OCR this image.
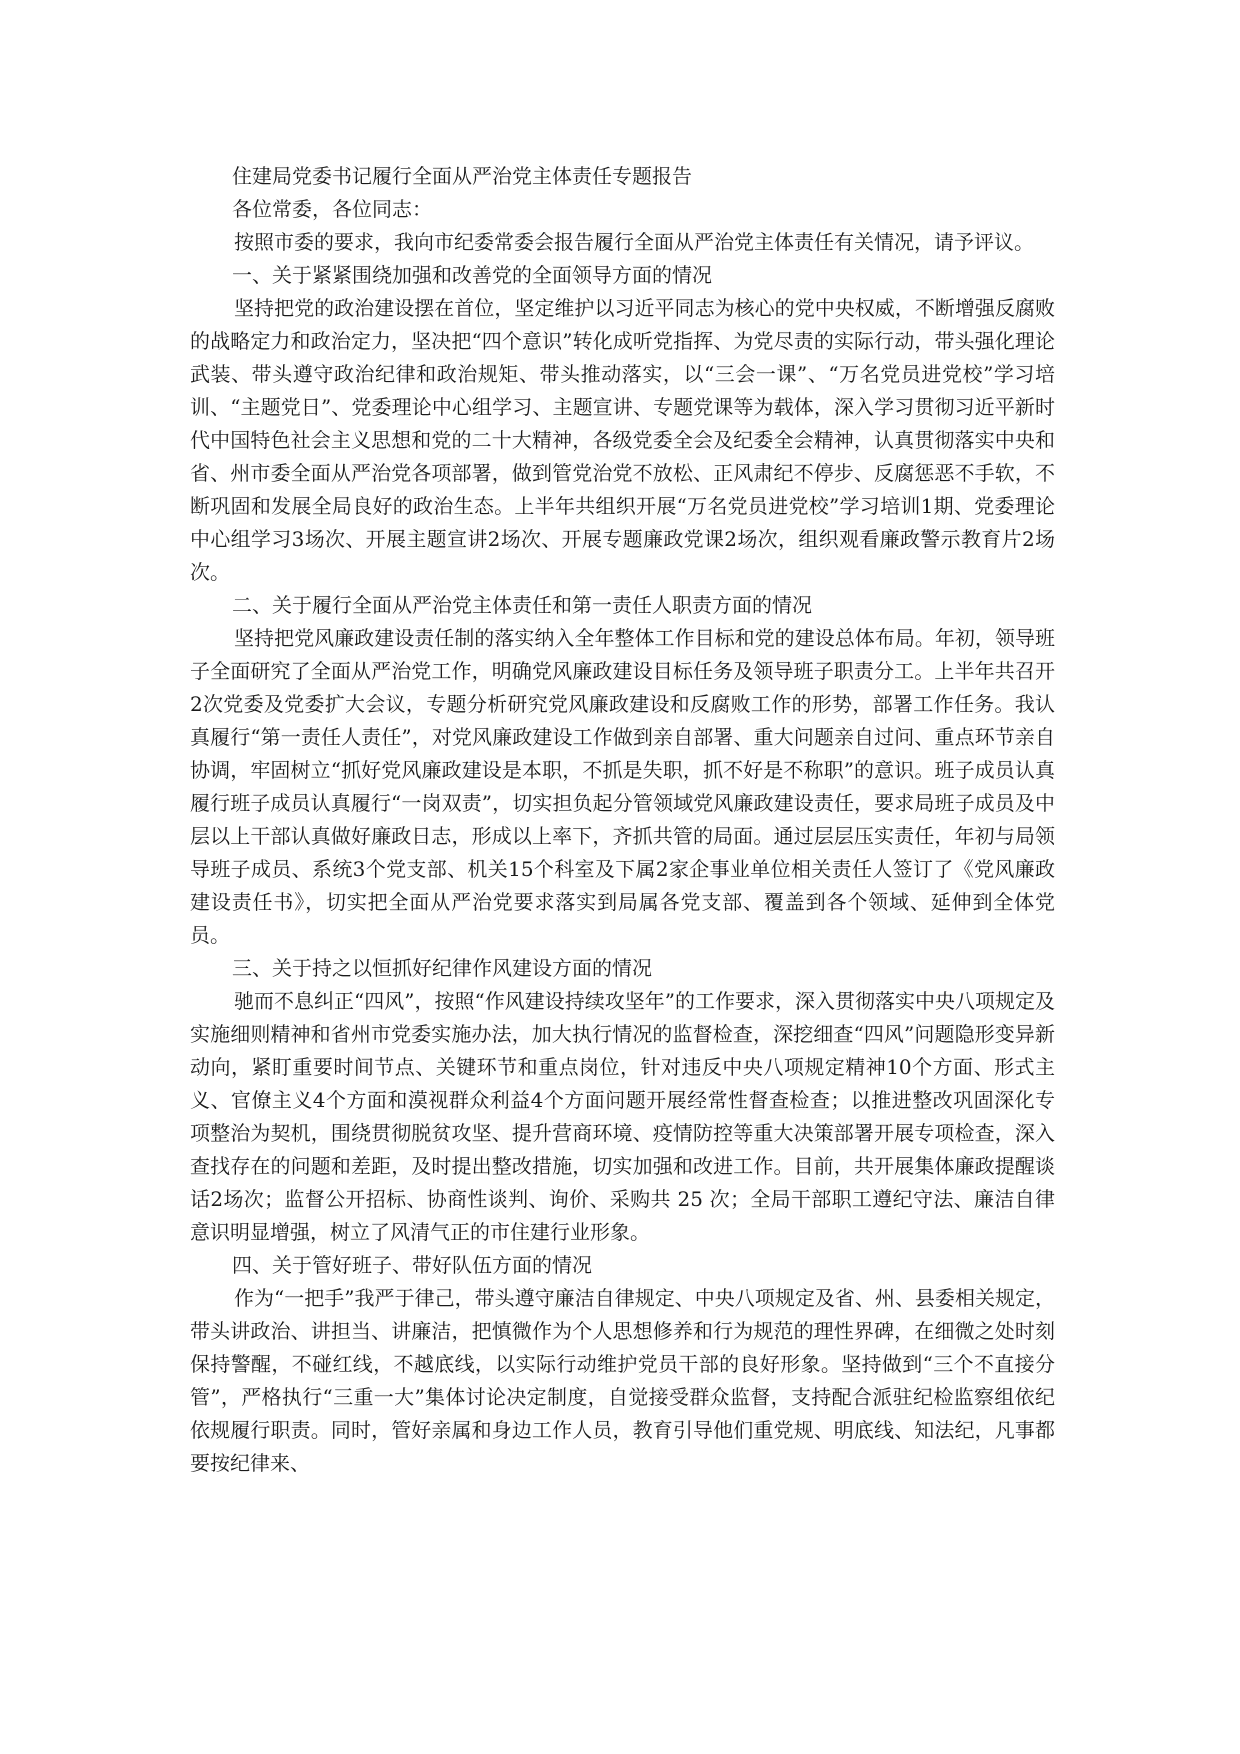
住建局党委书记履行全面从严治党主体责任专题报告

各位常委，各位同志：

按照市委的要求，我向市纪委常委会报告履行全面从严治党主体责任有关情况，请予评议。

一、关于紧紧围绕加强和改善党的全面领导方面的情况

坚持把党的政治建设摆在首位，坚定维护以习近平同志为核心的党中央权威，不断增强反腐败 的战略定力和政治定力，坚决把“四个意识”转化成听党指挥、为党尽责的实际行动，带头强化理论武装、带头遵守政治纪律和政治规矩、带头推动落实，以“三会一课”、“万名党员进党校”学习培训、“主题党日”、党委理论中心组学习、主题宣讲、专题党课等为载体，深入学习贯彻习近平新时代中国特色社会主义思想和党的二十大精神，各级党委全会及纪委全会精神，认真贯彻落实中央和省、州市委全面从严治党各项部署，做到管党治党不放松、正风肃纪不停步、反腐惩恶不手软，不断巩固和发展全局良好的政治生态。上半年共组织开展“万名党员进党校”学习培训1期、党委理论中心组学习3场次、开展主题宣讲2场次、开展专题廉政党课2场次，组织观看廉政警示教育片2场次。

二、关于履行全面从严治党主体责任和第一责任人职责方面的情况

坚持把党风廉政建设责任制的落实纳入全年整体工作目标和党的建设总体布局。年初，领导班子全面研究了全面从严治党工作，明确党风廉政建设目标任务及领导班子职责分工。上半年共召开2次党委及党委扩大会议，专题分析研究党风廉政建设和反腐败工作的形势，部署工作任务。我认真履行“第一责任人责任”，对党风廉政建设工作做到亲自部署、重大问题亲自过问、重点环节亲自协调，牢固树立“抓好党风廉政建设是本职，不抓是失职，抓不好是不称职”的意识。班子成员认真履行班子成员认真履行“一岗双责”，切实担负起分管领域党风廉政建设责任，要求局班子成员及中层以上干部认真做好廉政日志，形成以上率下，齐抓共管的局面。通过层层压实责任，年初与局领导班子成员、系统3个党支部、机关15个科室及下属2家企事业单位相关责任人签订了《党风廉政建设责任书》，切实把全面从严治党要求落实到局属各党支部、覆盖到各个领域、延伸到全体党员。

三、关于持之以恒抓好纪律作风建设方面的情况

驰而不息纠正“四风”，按照“作风建设持续攻坚年”的工作要求，深入贯彻落实中央八项规定及实施细则精神和省州市党委实施办法，加大执行情况的监督检查，深挖细查“四风”问题隐形变异新动向，紧盯重要时间节点、关键环节和重点岗位，针对违反中央八项规定精神10个方面、形式主义、官僚主义4个方面和漠视群众利益4个方面问题开展经常性督查检查；以推进整改巩固深化专项整治为契机，围绕贯彻脱贫攻坚、提升营商环境、疫情防控等重大决策部署开展专项检查，深入查找存在的问题和差距，及时提出整改措施，切实加强和改进工作。目前，共开展集体廉政提醒谈话2场次；监督公开招标、协商性谈判、询价、采购共 25 次；全局干部职工遵纪守法、廉洁自律意识明显增强，树立了风清气正的市住建行业形象。

四、关于管好班子、带好队伍方面的情况

作为“一把手”我严于律己，带头遵守廉洁自律规定、中央八项规定及省、州、县委相关规定，带头讲政治、讲担当、讲廉洁，把慎微作为个人思想修养和行为规范的理性界碑，在细微之处时刻保持警醒，不碰红线，不越底线，以实际行动维护党员干部的良好形象。坚持做到“三个不直接分管”，严格执行“三重一大”集体讨论决定制度，自觉接受群众监督，支持配合派驻纪检监察组依纪依规履行职责。同时，管好亲属和身边工作人员，教育引导他们重党规、明底线、知法纪，凡事都要按纪律来、
